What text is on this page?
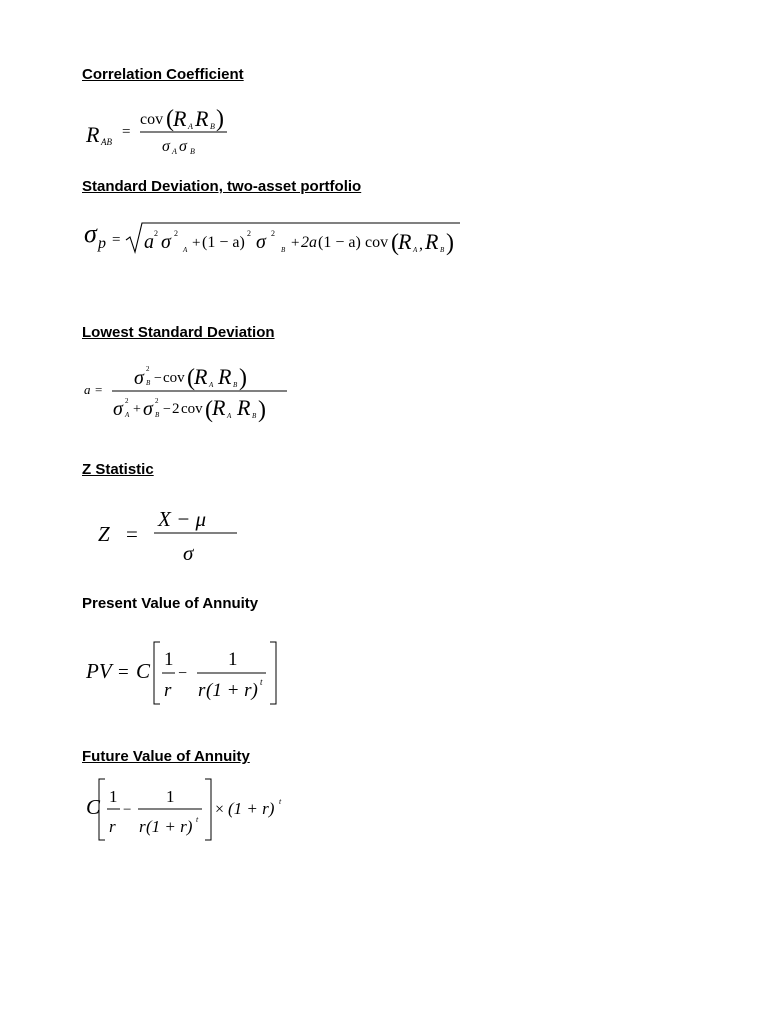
Correlation Coefficient
R AB
=
cov ( R A R B )
σ A σ B
Standard Deviation, two-asset portfolio
σ p = a 2 σ 2
A + (1 − a)
2 σ 2
B + 2a (1 − a) cov ( R A , R B )
Lowest Standard Deviation
a =
σ 2
B − cov ( R A R B )
σ 2
A + σ 2
B − 2 cov ( R A R B )
Z Statistic
Z =
X − μ
σ
Present Value of Annuity
PV = C 1
r
−
1
r (1 + r) t
Future Value of Annuity
C 1
r
−
1
r (1 + r) t
× (1 + r) t
